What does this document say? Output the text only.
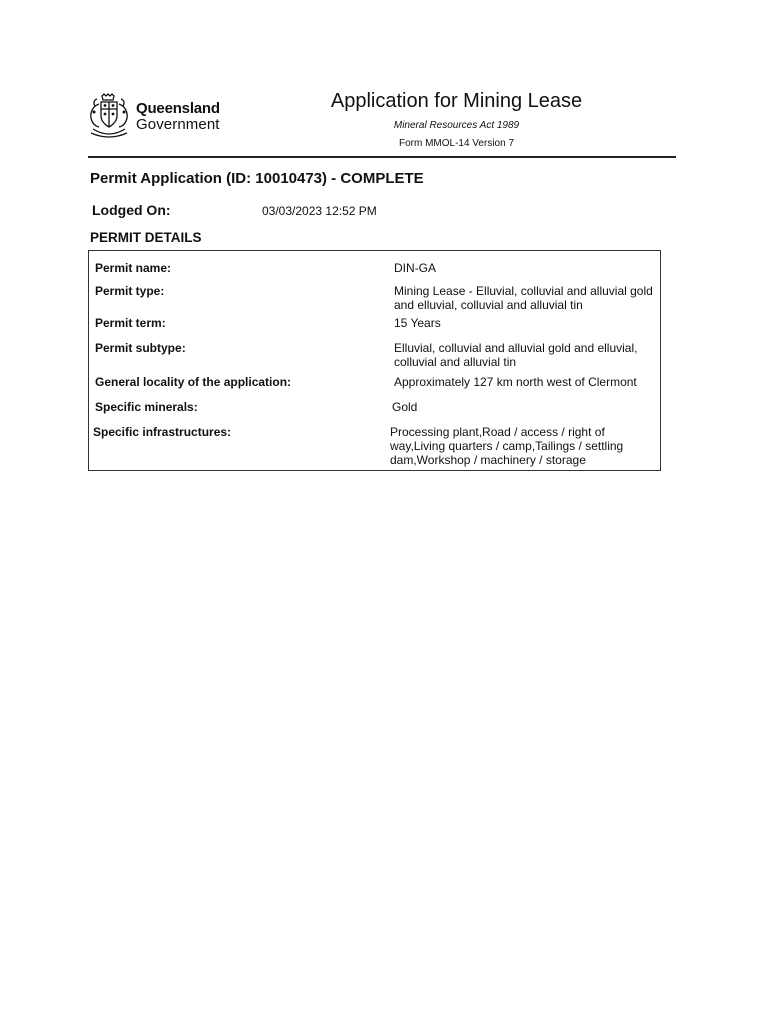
Queensland
Government
Application for Mining Lease
Mineral Resources Act 1989
Form MMOL-14 Version 7
Permit Application (ID: 10010473) - COMPLETE
Lodged On:	03/03/2023 12:52 PM
PERMIT DETAILS
Permit name:	DIN-GA
Permit type:	Mining Lease - Elluvial, colluvial and alluvial gold and elluvial, colluvial and alluvial tin
Permit term:	15 Years
Permit subtype:	Elluvial, colluvial and alluvial gold and elluvial, colluvial and alluvial tin
General locality of the application:	Approximately 127 km north west of Clermont
Specific minerals:	Gold
Specific infrastructures:	Processing plant,Road / access / right of way,Living quarters / camp,Tailings / settling dam,Workshop / machinery / storage
